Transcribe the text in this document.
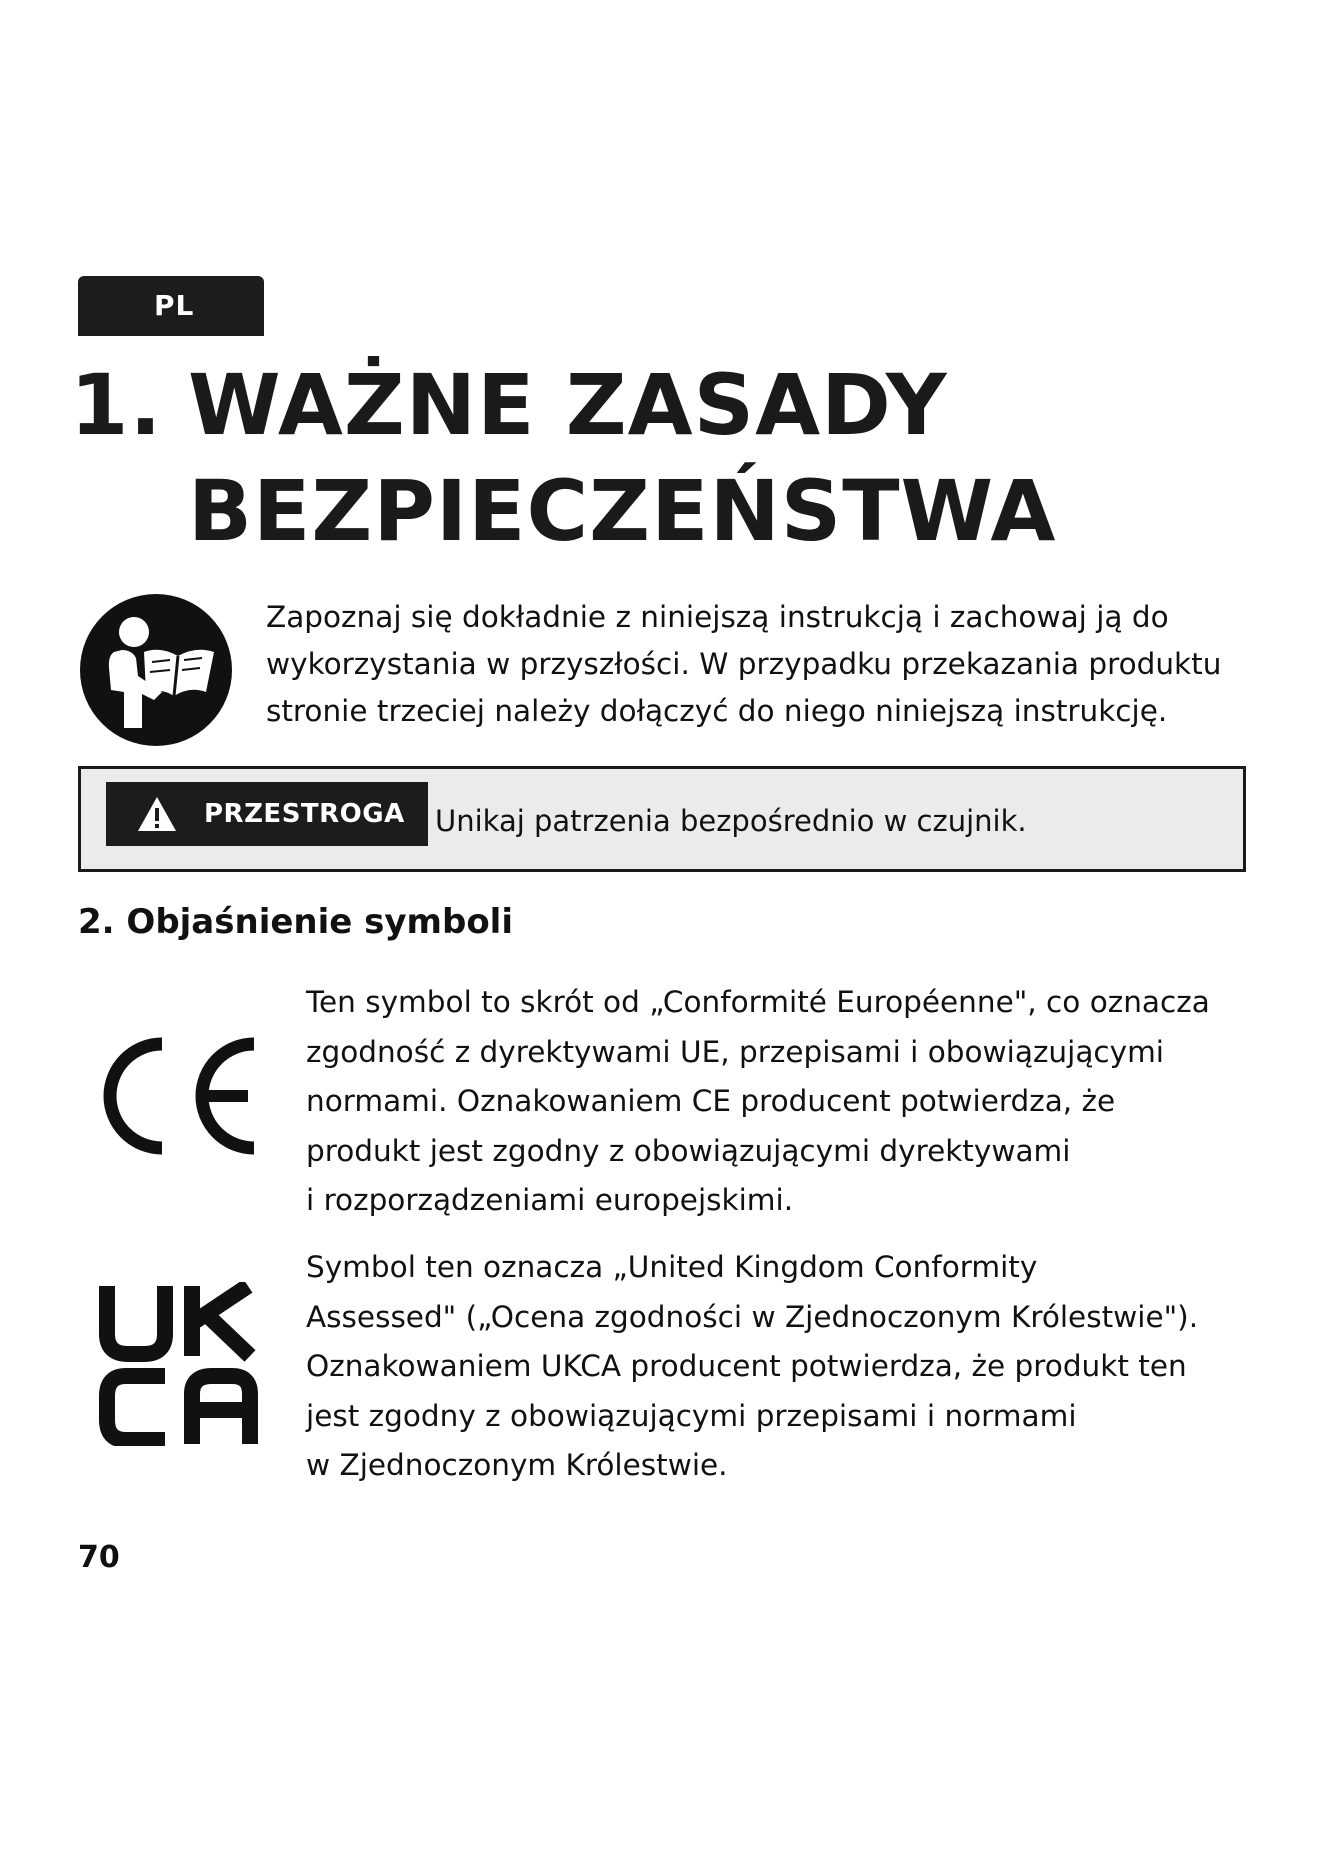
PL
1. WAŻNE ZASADY
BEZPIECZEŃSTWA

Zapoznaj się dokładnie z niniejszą instrukcją i zachowaj ją do
wykorzystania w przyszłości. W przypadku przekazania produktu
stronie trzeciej należy dołączyć do niego niniejszą instrukcję.

PRZESTROGA	Unikaj patrzenia bezpośrednio w czujnik.

2. Objaśnienie symboli

Ten symbol to skrót od „Conformité Européenne", co oznacza
zgodność z dyrektywami UE, przepisami i obowiązującymi
normami. Oznakowaniem CE producent potwierdza, że
produkt jest zgodny z obowiązującymi dyrektywami
i rozporządzeniami europejskimi.

Symbol ten oznacza „United Kingdom Conformity
Assessed" („Ocena zgodności w Zjednoczonym Królestwie").
Oznakowaniem UKCA producent potwierdza, że produkt ten
jest zgodny z obowiązującymi przepisami i normami
w Zjednoczonym Królestwie.

70
